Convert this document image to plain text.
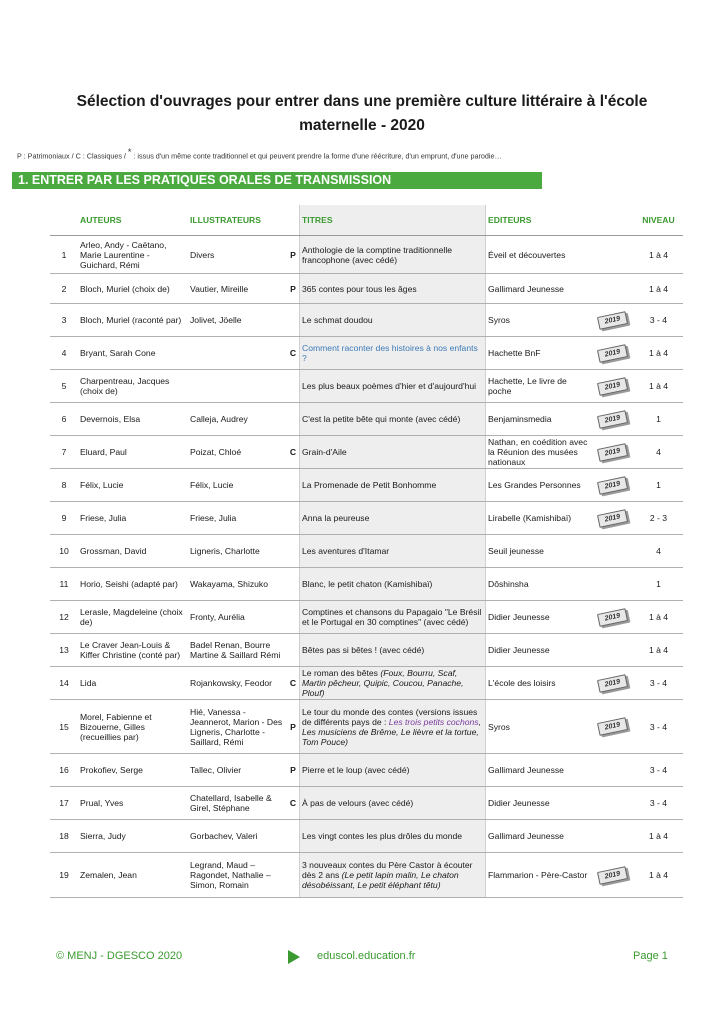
Sélection d'ouvrages pour entrer dans une première culture littéraire à l'école
maternelle - 2020
P : Patrimoniaux / C : Classiques / * : issus d'un même conte traditionnel et qui peuvent prendre la forme d'une réécriture, d'un emprunt, d'une parodie…
1. ENTRER PAR LES PRATIQUES ORALES DE TRANSMISSION
	AUTEURS	ILLUSTRATEURS		TITRES	EDITEURS		NIVEAU
1	Arleo, Andy - Caëtano, Marie Laurentine - Guichard, Rémi	Divers	P	Anthologie de la comptine traditionnelle francophone (avec cédé)	Éveil et découvertes		1 à 4
2	Bloch, Muriel (choix de)	Vautier, Mireille	P	365 contes pour tous les âges	Gallimard Jeunesse		1 à 4
3	Bloch, Muriel (raconté par)	Jolivet, Jöelle		Le schmat doudou	Syros	2019	3 - 4
4	Bryant, Sarah Cone		C	Comment raconter des histoires à nos enfants ?	Hachette BnF	2019	1 à 4
5	Charpentreau, Jacques (choix de)			Les plus beaux poèmes d'hier et d'aujourd'hui	Hachette, Le livre de poche	2019	1 à 4
6	Devernois, Elsa	Calleja, Audrey		C'est la petite bête qui monte (avec cédé)	Benjaminsmedia	2019	1
7	Eluard, Paul	Poizat, Chloé	C	Grain-d'Aile	Nathan, en coédition avec la Réunion des musées nationaux	2019	4
8	Félix, Lucie	Félix, Lucie		La Promenade de Petit Bonhomme	Les Grandes Personnes	2019	1
9	Friese, Julia	Friese, Julia		Anna la peureuse	Lirabelle (Kamishibaï)	2019	2 - 3
10	Grossman, David	Ligneris, Charlotte		Les aventures d'Itamar	Seuil jeunesse		4
11	Horio, Seishi (adapté par)	Wakayama, Shizuko		Blanc, le petit chaton (Kamishibaï)	Dôshinsha		1
12	Lerasle, Magdeleine (choix de)	Fronty, Aurélia		Comptines et chansons du Papagaio "Le Brésil et le Portugal en 30 comptines" (avec cédé)	Didier Jeunesse	2019	1 à 4
13	Le Craver Jean-Louis & Kiffer Christine (conté par)	Badel Renan, Bourre Martine & Saillard Rémi		Bêtes pas si bêtes ! (avec cédé)	Didier Jeunesse		1 à 4
14	Lida	Rojankowsky, Feodor	C	Le roman des bêtes (Foux, Bourru, Scaf, Martin pêcheur, Quipic, Coucou, Panache, Plouf)	L'école des loisirs	2019	3 - 4
15	Morel, Fabienne et Bizouerne, Gilles (recueillies par)	Hié, Vanessa - Jeannerot, Marion - Des Ligneris, Charlotte - Saillard, Rémi	P	Le tour du monde des contes (versions issues de différents pays de : Les trois petits cochons, Les musiciens de Brême, Le lièvre et la tortue, Tom Pouce)	Syros	2019	3 - 4
16	Prokofiev, Serge	Tallec, Olivier	P	Pierre et le loup (avec cédé)	Gallimard Jeunesse		3 - 4
17	Prual, Yves	Chatellard, Isabelle & Girel, Stéphane	C	À pas de velours (avec cédé)	Didier Jeunesse		3 - 4
18	Sierra, Judy	Gorbachev, Valeri		Les vingt contes les plus drôles du monde	Gallimard Jeunesse		1 à 4
19	Zemalen, Jean	Legrand, Maud – Ragondet, Nathalie – Simon, Romain		3 nouveaux contes du Père Castor à écouter dès 2 ans (Le petit lapin malin, Le chaton désobéissant, Le petit éléphant têtu)	Flammarion - Père-Castor	2019	1 à 4
© MENJ - DGESCO 2020	eduscol.education.fr	Page 1
